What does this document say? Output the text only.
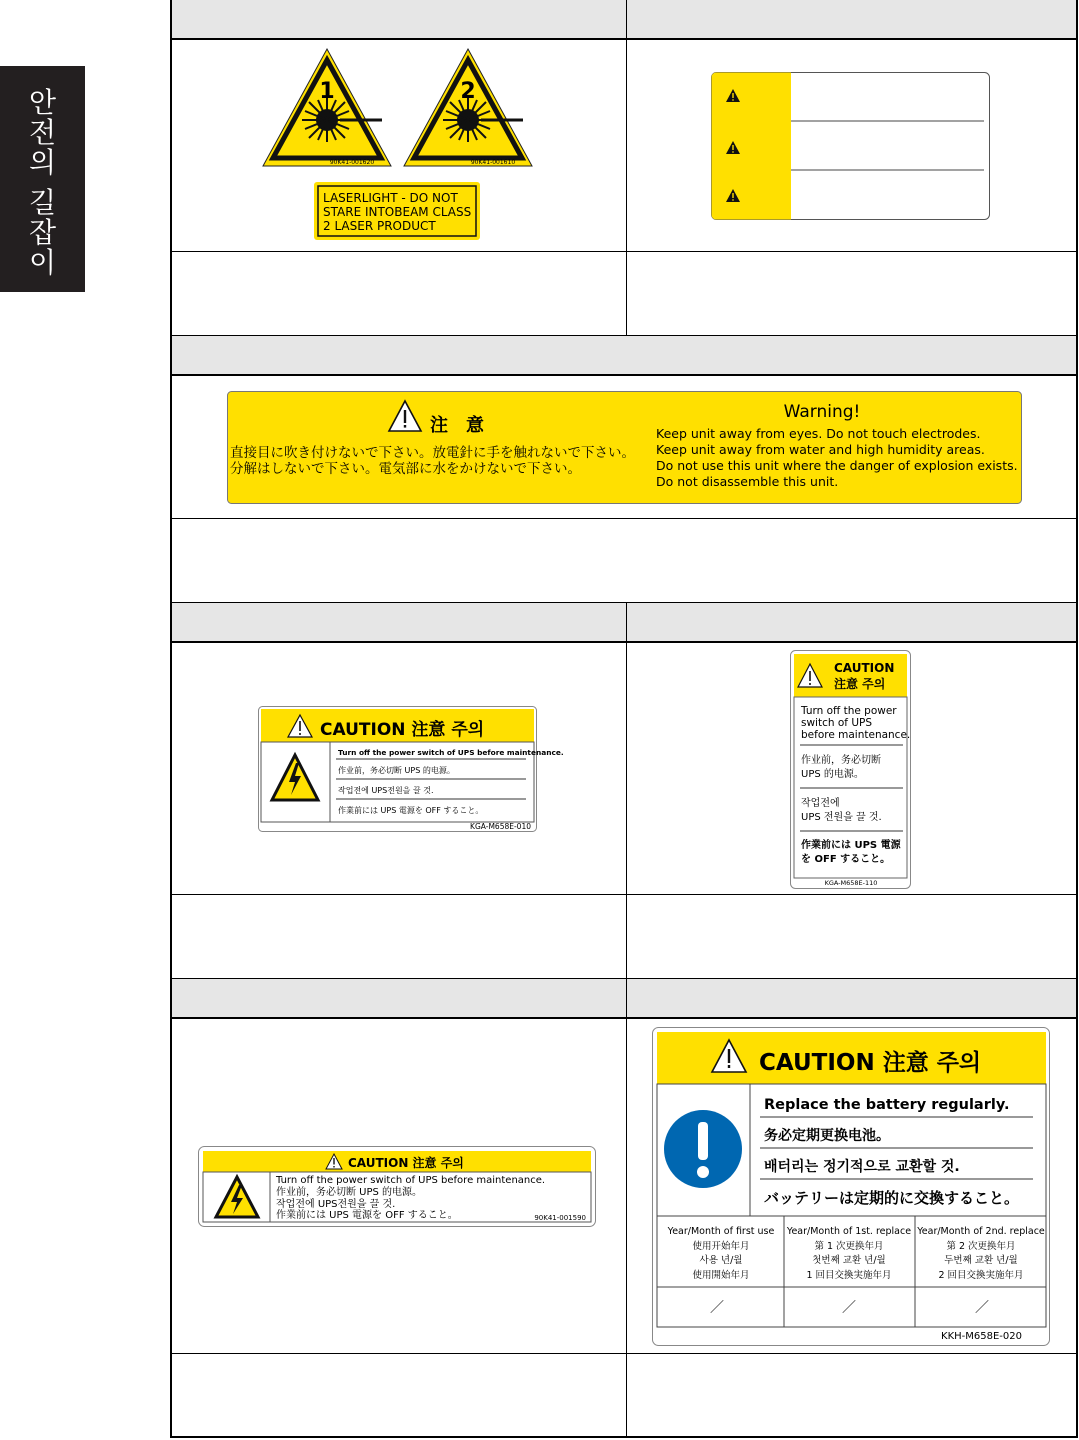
안
전
의
길
잡
이
1	2
90K41-001620	90K41-001610
LASERLIGHT - DO NOT
STARE INTOBEAM CLASS
2 LASER PRODUCT
注　意
直接目に吹き付けないで下さい。放電針に手を触れないで下さい。
分解はしないで下さい。電気部に水をかけないで下さい。
Warning!
Keep unit away from eyes. Do not touch electrodes.
Keep unit away from water and high humidity areas.
Do not use this unit where the danger of explosion exists.
Do not disassemble this unit.
CAUTION 注意 주의
Turn off the power switch of UPS before maintenance.
作业前，务必切断 UPS 的电源。
작업전에 UPS전원을 끌 것.
作業前には UPS 電源を OFF すること。
KGA-M658E-010
CAUTION
注意 주의
Turn off the power
switch of UPS
before maintenance.
作业前，务必切断
UPS 的电源。
작업전에
UPS 전원을 끌 것.
作業前には UPS 電源
を OFF すること。
KGA-M658E-110
CAUTION 注意 주의
Turn off the power switch of UPS before maintenance.
作业前，务必切断 UPS 的电源。
작업전에 UPS전원을 끌 것.
作業前には UPS 電源を OFF すること。	90K41-001590
CAUTION 注意 주의
Replace the battery regularly.
务必定期更换电池。
배터리는 정기적으로 교환할 것.
バッテリーは定期的に交換すること。
Year/Month of first use
使用开始年月
사용 년/월
使用開始年月
Year/Month of 1st. replace
第 1 次更换年月
첫번째 교환 년/월
1 回目交換実施年月
Year/Month of 2nd. replace
第 2 次更换年月
두번째 교환 년/월
2 回目交換実施年月
／	／	／
KKH-M658E-020
